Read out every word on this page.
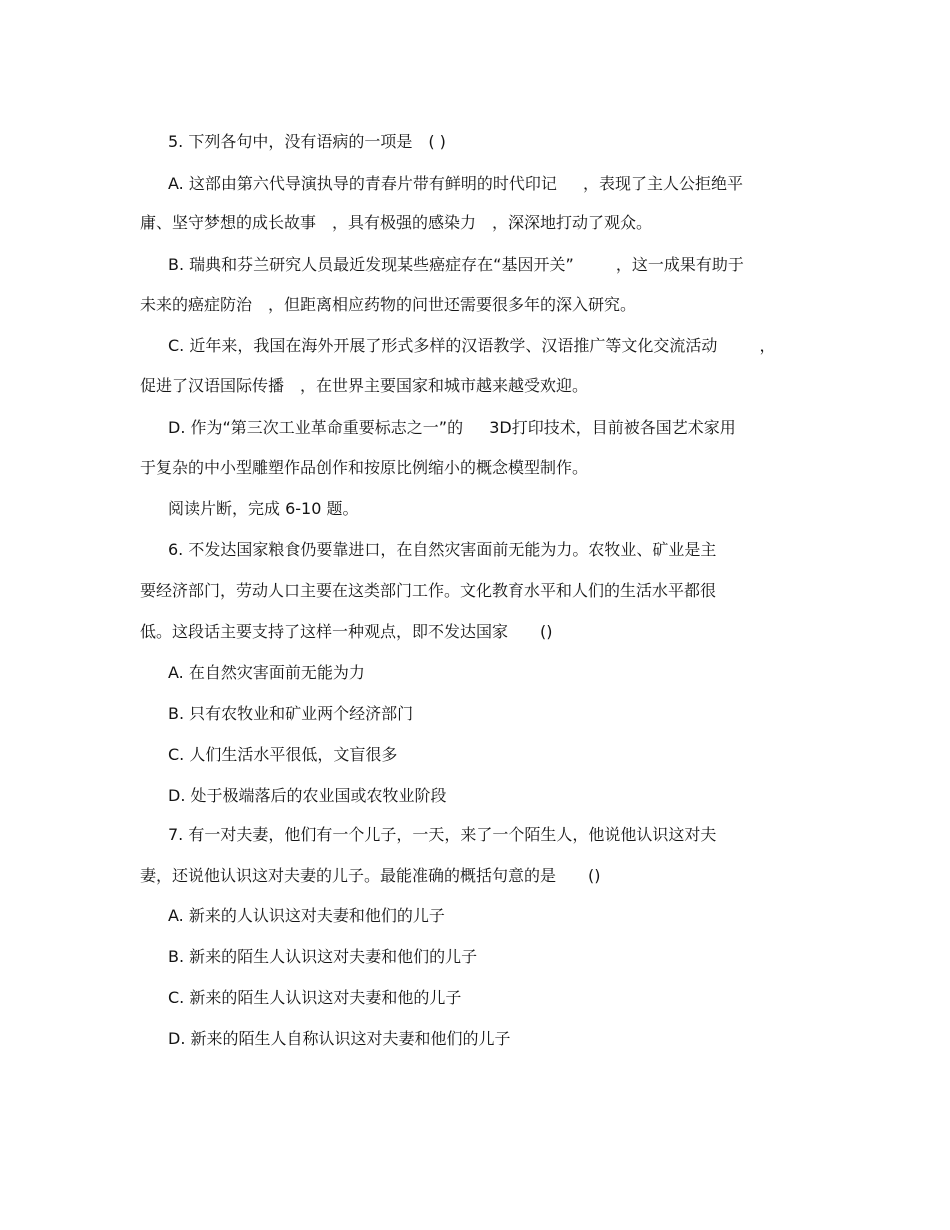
5. 下列各句中，没有语病的一项是　( )
A. 这部由第六代导演执导的青春片带有鲜明的时代印记　  ，表现了主人公拒绝平
庸、坚守梦想的成长故事　，具有极强的感染力　，深深地打动了观众。
B. 瑞典和芬兰研究人员最近发现某些癌症存在“基因开关”　　  ，这一成果有助于
未来的癌症防治　，但距离相应药物的问世还需要很多年的深入研究。
C. 近年来，我国在海外开展了形式多样的汉语教学、汉语推广等文化交流活动　　  ，
促进了汉语国际传播　，在世界主要国家和城市越来越受欢迎。
D. 作为“第三次工业革命重要标志之一”的　  3D打印技术，目前被各国艺术家用
于复杂的中小型雕塑作品创作和按原比例缩小的概念模型制作。
阅读片断，完成 6-10 题。
6. 不发达国家粮食仍要靠进口，在自然灾害面前无能为力。农牧业、矿业是主
要经济部门，劳动人口主要在这类部门工作。文化教育水平和人们的生活水平都很
低。这段话主要支持了这样一种观点，即不发达国家　　()
A. 在自然灾害面前无能为力
B. 只有农牧业和矿业两个经济部门
C. 人们生活水平很低，文盲很多
D. 处于极端落后的农业国或农牧业阶段
7. 有一对夫妻，他们有一个儿子，一天，来了一个陌生人，他说他认识这对夫
妻，还说他认识这对夫妻的儿子。最能准确的概括句意的是　　()
A. 新来的人认识这对夫妻和他们的儿子
B. 新来的陌生人认识这对夫妻和他们的儿子
C. 新来的陌生人认识这对夫妻和他的儿子
D. 新来的陌生人自称认识这对夫妻和他们的儿子
